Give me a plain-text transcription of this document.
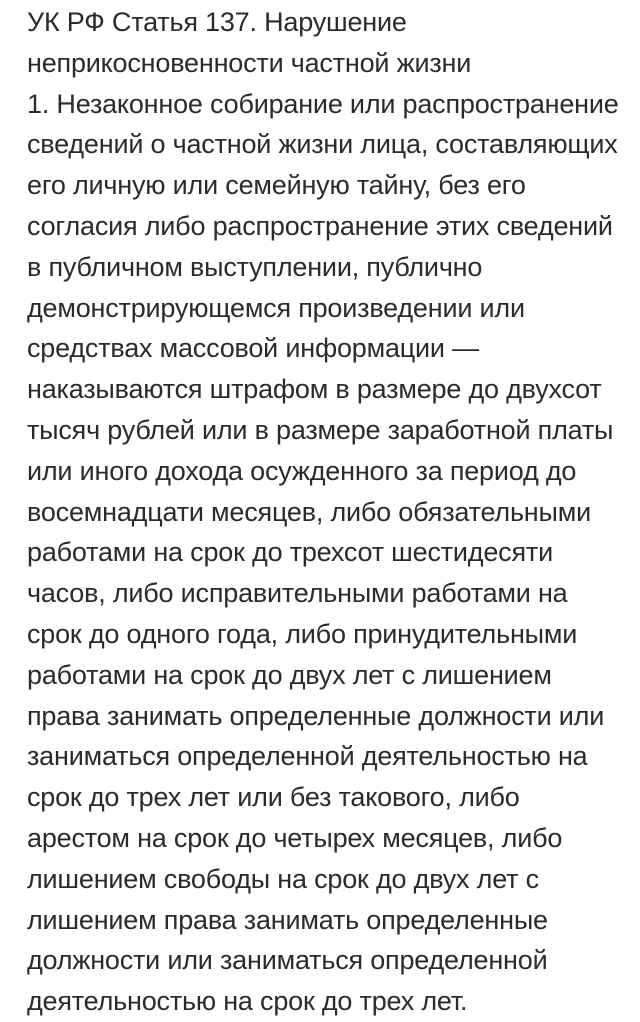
УК РФ Статья 137. Нарушение
неприкосновенности частной жизни
1. Незаконное собирание или распространение
сведений о частной жизни лица, составляющих
его личную или семейную тайну, без его
согласия либо распространение этих сведений
в публичном выступлении, публично
демонстрирующемся произведении или
средствах массовой информации —
наказываются штрафом в размере до двухсот
тысяч рублей или в размере заработной платы
или иного дохода осужденного за период до
восемнадцати месяцев, либо обязательными
работами на срок до трехсот шестидесяти
часов, либо исправительными работами на
срок до одного года, либо принудительными
работами на срок до двух лет с лишением
права занимать определенные должности или
заниматься определенной деятельностью на
срок до трех лет или без такового, либо
арестом на срок до четырех месяцев, либо
лишением свободы на срок до двух лет с
лишением права занимать определенные
должности или заниматься определенной
деятельностью на срок до трех лет.
